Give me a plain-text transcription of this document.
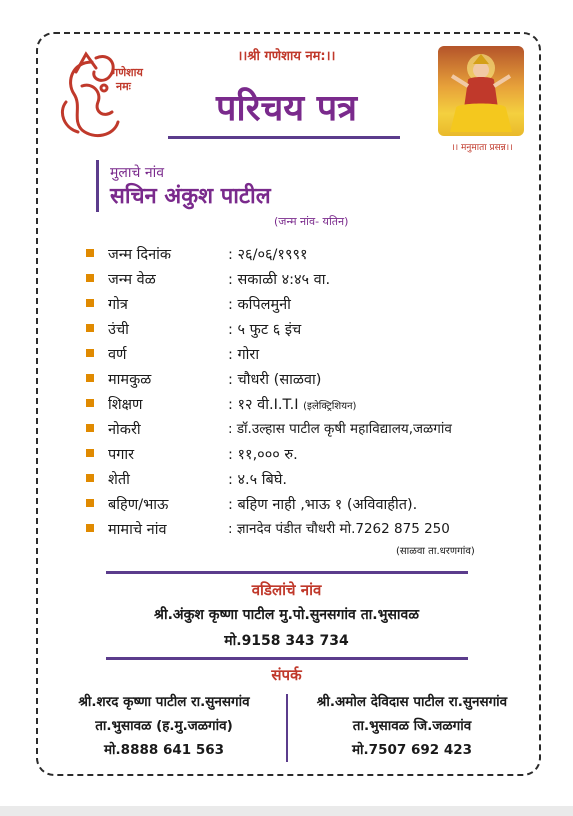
गणेशाय
नमः
।।श्री गणेशाय नम:।।
परिचय पत्र
।। मनुमाता प्रसन्न।।
मुलाचे नांव
सचिन अंकुश पाटील
(जन्म नांव- यतिन)
जन्म दिनांक	: २६/०६/१९९१
जन्म वेळ	: सकाळी ४:४५ वा.
गोत्र	: कपिलमुनी
उंची	: ५ फुट ६ इंच
वर्ण	: गोरा
मामकुळ	: चौधरी (साळवा)
शिक्षण	: १२ वी.I.T.I (इलेक्ट्रिशियन)
नोकरी	: डॉ.उल्हास पाटील कृषी महाविद्यालय,जळगांव
पगार	: ११,००० रु.
शेती	: ४.५ बिघे.
बहिण/भाऊ	: बहिण नाही ,भाऊ १ (अविवाहीत).
मामाचे नांव	: ज्ञानदेव पंडीत चौधरी मो.7262 875 250
(साळवा ता.धरणगांव)
वडिलांचे नांव
श्री.अंकुश कृष्णा पाटील मु.पो.सुनसगांव ता.भुसावळ
मो.9158 343 734
संपर्क
श्री.शरद कृष्णा पाटील रा.सुनसगांव
ता.भुसावळ (ह.मु.जळगांव)
मो.8888 641 563
श्री.अमोल देविदास पाटील रा.सुनसगांव
ता.भुसावळ जि.जळगांव
मो.7507 692 423
